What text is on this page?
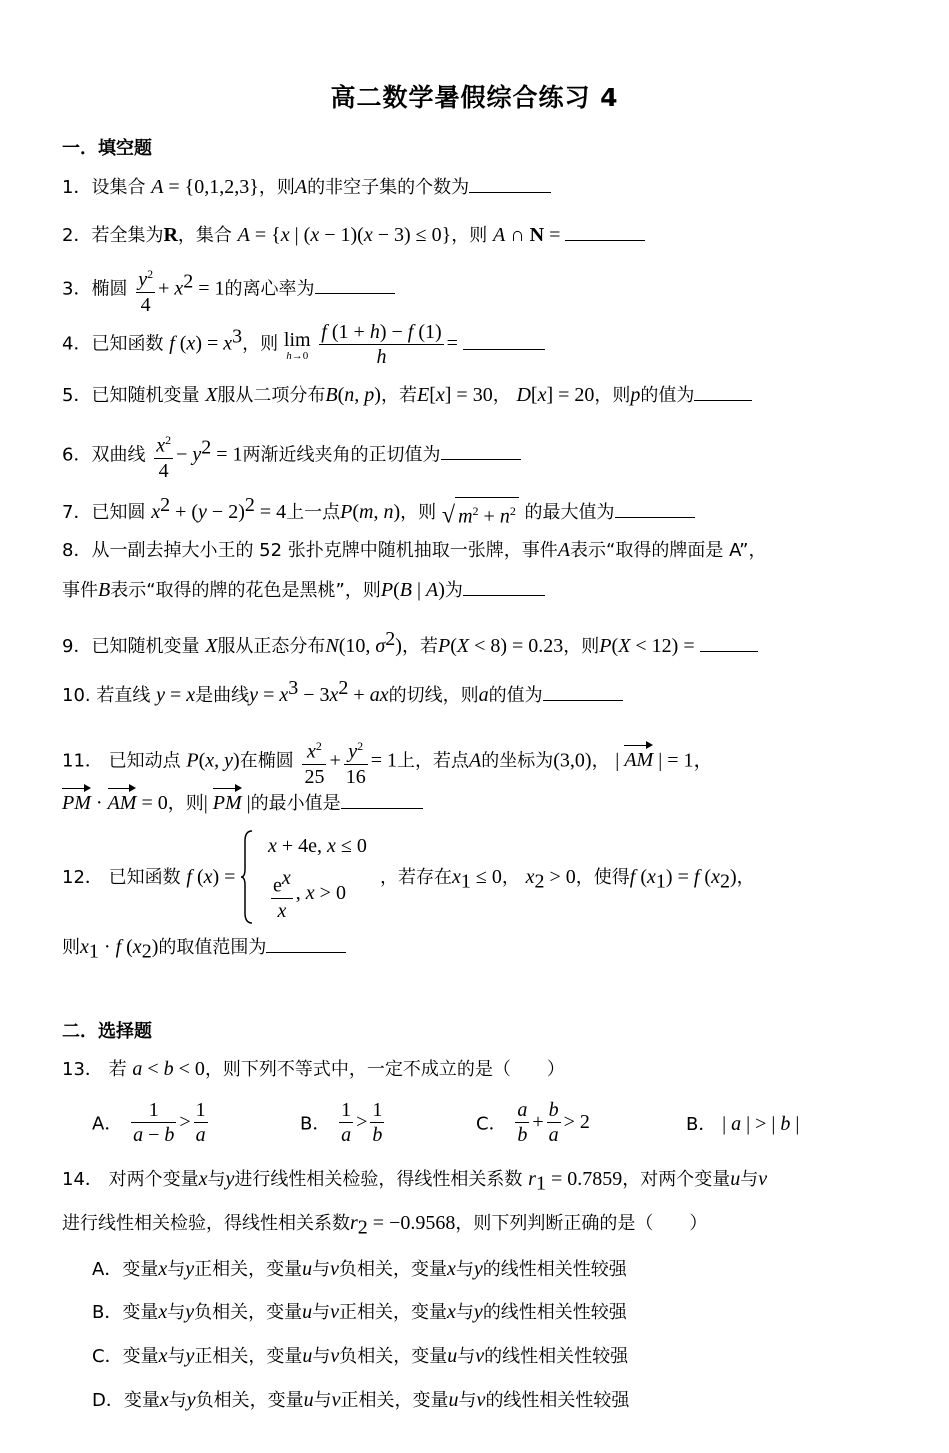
高二数学暑假综合练习 4
一．填空题
1．设集合 A = {0,1,2,3}，则A的非空子集的个数为
2．若全集为R，集合 A = {x | (x − 1)(x − 3) ≤ 0}，则 A ∩ N =
3．椭圆 $\frac{y^2}{4} + x^2 = 1$的离心率为
4．已知函数 f $(x) = x^3$，则 lim
h→0
$\frac{f (1 + h) - f (1)}{h}$ =
5．已知随机变量 X服从二项分布B(n, p)，若E[x] = 30， D[x] = 20，则p的值为
6．双曲线 $\frac{x^2}{4} - y^2 = 1$两渐近线夹角的正切值为
7．已知圆 $x^2 + (y - 2)^2 = 4$上一点P(m, n)，则 √ $m^2 + n^2$ 的最大值为
8．从一副去掉大小王的 52 张扑克牌中随机抽取一张牌，事件A表示“取得的牌面是 A”，
事件B表示“取得的牌的花色是黑桃”，则P(B | A)为
9．已知随机变量 X服从正态分布N(10, $\sigma^2$)，若P(X < 8) = 0.23，则P(X < 12) =
10. 若直线 y = x是曲线$y = x^3 - 3x^2$ + ax的切线，则a的值为
11． 已知动点 P(x, y)在椭圆 $\frac{x^2}{25} + \frac{y^2}{16} = 1$上，若点A的坐标为(3,0)， | AM | = 1，
PM · AM = 0，则| PM |的最小值是
12． 已知函数 f (x) =
x + 4e, x ≤ 0
$\frac{e^x}{x}$ , x > 0
，若存在$x_1 \le 0$， $x_2 > 0$，使得f $(x_1) = f$ $(x_2)$，
则$x_1 \cdot f$ $(x_2)$的取值范围为
二．选择题
13． 若 a < b < 0，则下列不等式中，一定不成立的是（　　）
A． $\frac{1}{a - b} > \frac{1}{a}$	B． $\frac{1}{a} > \frac{1}{b}$	C． $\frac{a}{b} + \frac{b}{a} > 2$	B． | a | > | b |
14． 对两个变量x与y进行线性相关检验，得线性相关系数 $r_1 = 0.7859$，对两个变量u与v
进行线性相关检验，得线性相关系数$r_2 = -0.9568$，则下列判断正确的是（　　）
A．变量x与y正相关，变量u与v负相关，变量x与y的线性相关性较强
B．变量x与y负相关，变量u与v正相关，变量x与y的线性相关性较强
C．变量x与y正相关，变量u与v负相关，变量u与v的线性相关性较强
D．变量x与y负相关，变量u与v正相关，变量u与v的线性相关性较强
